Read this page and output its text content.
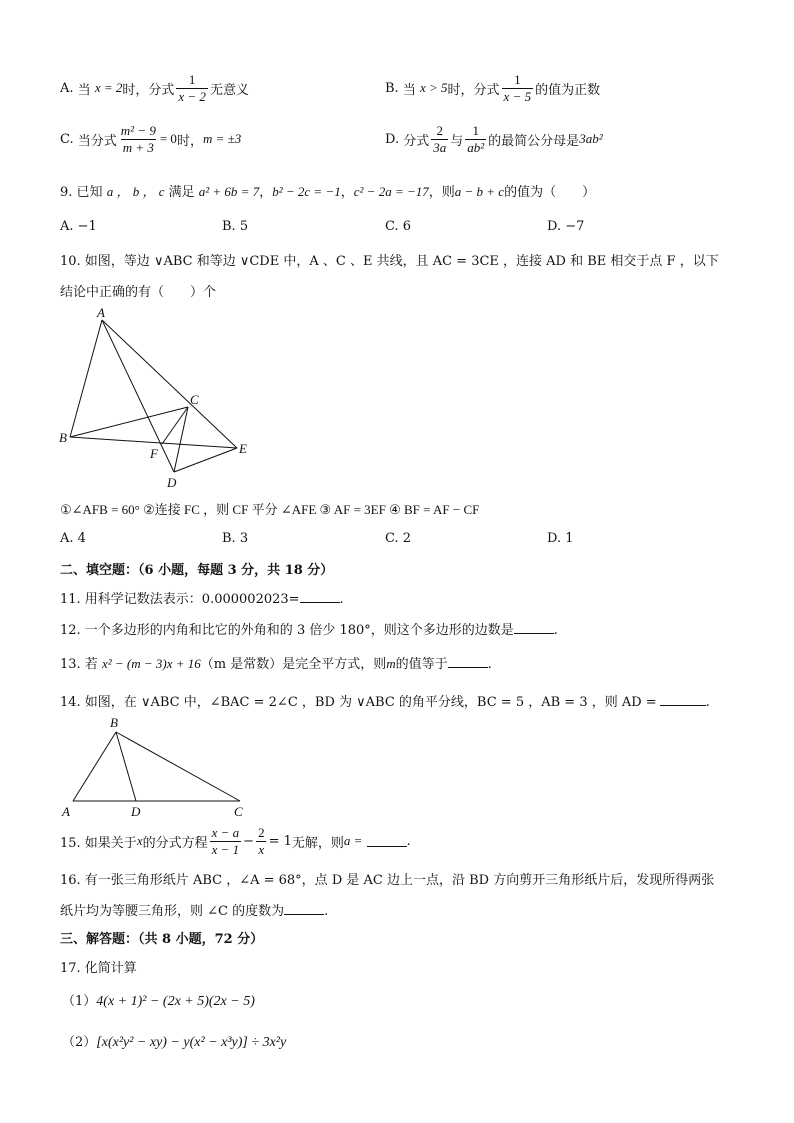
A.
当
x = 2 时，分式 $\frac{1}{x - 2}$ 无意义	B.
当
x > 5 时，分式 $\frac{1}{x - 5}$ 的值为正数
C.
当分式 $\frac{\text{m² − 9}}{m + 3} = 0$ 时， m = ±3	D.
分式 $\frac{2}{3a}$ 与 $\frac{1}{\text{ab²}}$ 的最简公分母是 3ab²
9. 已知 a ， b ， c 满足 a² + 6b = 7，b² − 2c = −1，c² − 2a = −17，则a − b + c的值为（　　）
A. −1	B. 5	C. 6	D. −7
10. 如图，等边 ∨ABC 和等边 ∨CDE 中，A 、C 、E 共线，且 AC = 3CE ，连接 AD 和 BE 相交于点 F ，以下
结论中正确的有（　　）个
A
B
C
D
E
F
①∠AFB = 60° ②连接 FC ，则 CF 平分 ∠AFE ③ AF = 3EF ④ BF = AF − CF
A. 4	B. 3	C. 2	D. 1
二、填空题：（6 小题，每题 3 分，共 18 分）
11. 用科学记数法表示：0.000002023=	.
12. 一个多边形的内角和比它的外角和的 3 倍少 180°，则这个多边形的边数是	.
13. 若 x² − (m − 3)x + 16（m 是常数）是完全平方式，则m的值等于	.
14. 如图，在 ∨ABC 中，∠BAC = 2∠C ，BD 为 ∨ABC 的角平分线，BC = 5 ，AB = 3 ，则 AD =	.
B
A	D	C
15. 如果关于 x 的分式方程 $\frac{x - a}{x - 1} - \frac{2}{x} = 1$ 无解，则 a =
	.
16. 有一张三角形纸片 ABC ，∠A = 68°，点 D 是 AC 边上一点，沿 BD 方向剪开三角形纸片后，发现所得两张
纸片均为等腰三角形，则 ∠C 的度数为	.
三、解答题：（共 8 小题，72 分）
17. 化简计算
（1）4(x + 1)² − (2x + 5)(2x − 5)
（2）[x(x²y² − xy) − y(x² − x³y)] ÷ 3x²y
